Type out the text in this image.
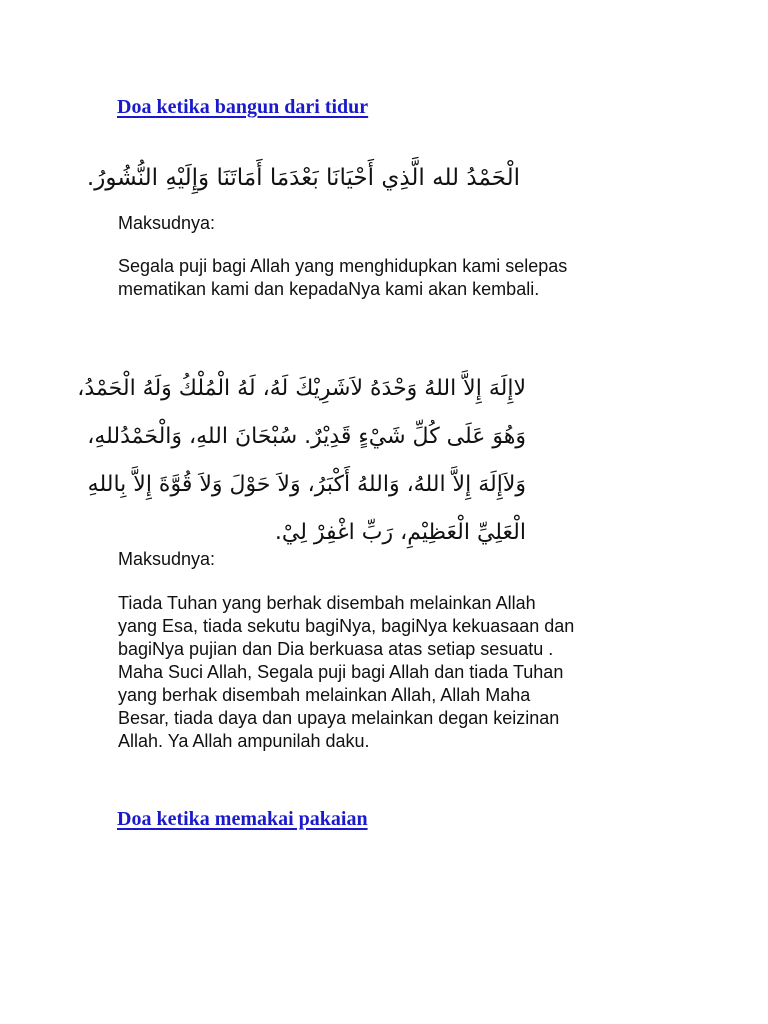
Doa ketika bangun dari tidur
الْحَمْدُ لله الَّذِي أَحْيَانَا بَعْدَمَا أَمَاتَنَا وَإِلَيْهِ النُّشُورُ.
Maksudnya:
Segala puji bagi Allah yang menghidupkan kami selepas
mematikan kami dan kepadaNya kami akan kembali.
لاإِلَهَ إِلاَّ اللهُ وَحْدَهُ لاَشَرِيْكَ لَهُ، لَهُ الْمُلْكُ وَلَهُ الْحَمْدُ،
وَهُوَ عَلَى كُلِّ شَيْءٍ قَدِيْرٌ. سُبْحَانَ اللهِ، وَالْحَمْدُللهِ،
وَلاَإِلَهَ إِلاَّ اللهُ، وَاللهُ أَكْبَرُ، وَلاَ حَوْلَ وَلاَ قُوَّةَ إِلاَّ بِاللهِ
الْعَلِيِّ الْعَظِيْمِ، رَبِّ اغْفِرْ لِيْ.
Maksudnya:
Tiada Tuhan yang berhak disembah melainkan Allah
yang Esa, tiada sekutu bagiNya, bagiNya kekuasaan dan
bagiNya pujian dan Dia berkuasa atas setiap sesuatu .
Maha Suci Allah, Segala puji bagi Allah dan tiada Tuhan
yang berhak disembah melainkan Allah, Allah Maha
Besar, tiada daya dan upaya melainkan degan keizinan
Allah. Ya Allah ampunilah daku.
Doa ketika memakai pakaian
